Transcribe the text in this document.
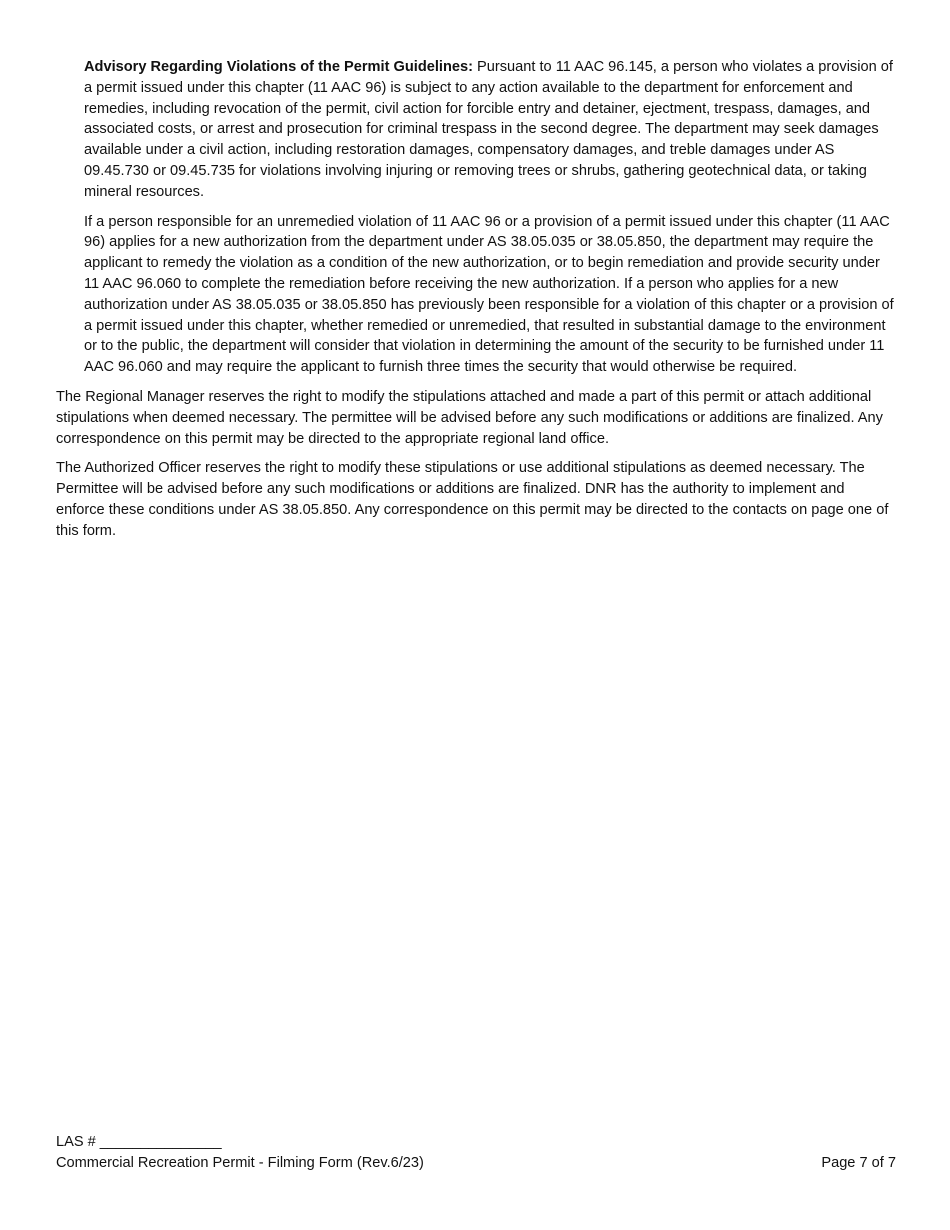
Advisory Regarding Violations of the Permit Guidelines: Pursuant to 11 AAC 96.145, a person who violates a provision of a permit issued under this chapter (11 AAC 96) is subject to any action available to the department for enforcement and remedies, including revocation of the permit, civil action for forcible entry and detainer, ejectment, trespass, damages, and associated costs, or arrest and prosecution for criminal trespass in the second degree. The department may seek damages available under a civil action, including restoration damages, compensatory damages, and treble damages under AS 09.45.730 or 09.45.735 for violations involving injuring or removing trees or shrubs, gathering geotechnical data, or taking mineral resources.

If a person responsible for an unremedied violation of 11 AAC 96 or a provision of a permit issued under this chapter (11 AAC 96) applies for a new authorization from the department under AS 38.05.035 or 38.05.850, the department may require the applicant to remedy the violation as a condition of the new authorization, or to begin remediation and provide security under 11 AAC 96.060 to complete the remediation before receiving the new authorization. If a person who applies for a new authorization under AS 38.05.035 or 38.05.850 has previously been responsible for a violation of this chapter or a provision of a permit issued under this chapter, whether remedied or unremedied, that resulted in substantial damage to the environment or to the public, the department will consider that violation in determining the amount of the security to be furnished under 11 AAC 96.060 and may require the applicant to furnish three times the security that would otherwise be required.

The Regional Manager reserves the right to modify the stipulations attached and made a part of this permit or attach additional stipulations when deemed necessary. The permittee will be advised before any such modifications or additions are finalized. Any correspondence on this permit may be directed to the appropriate regional land office.

The Authorized Officer reserves the right to modify these stipulations or use additional stipulations as deemed necessary. The Permittee will be advised before any such modifications or additions are finalized. DNR has the authority to implement and enforce these conditions under AS 38.05.850. Any correspondence on this permit may be directed to the contacts on page one of this form.

LAS # _______________
Commercial Recreation Permit - Filming Form (Rev.6/23)	Page 7 of 7
